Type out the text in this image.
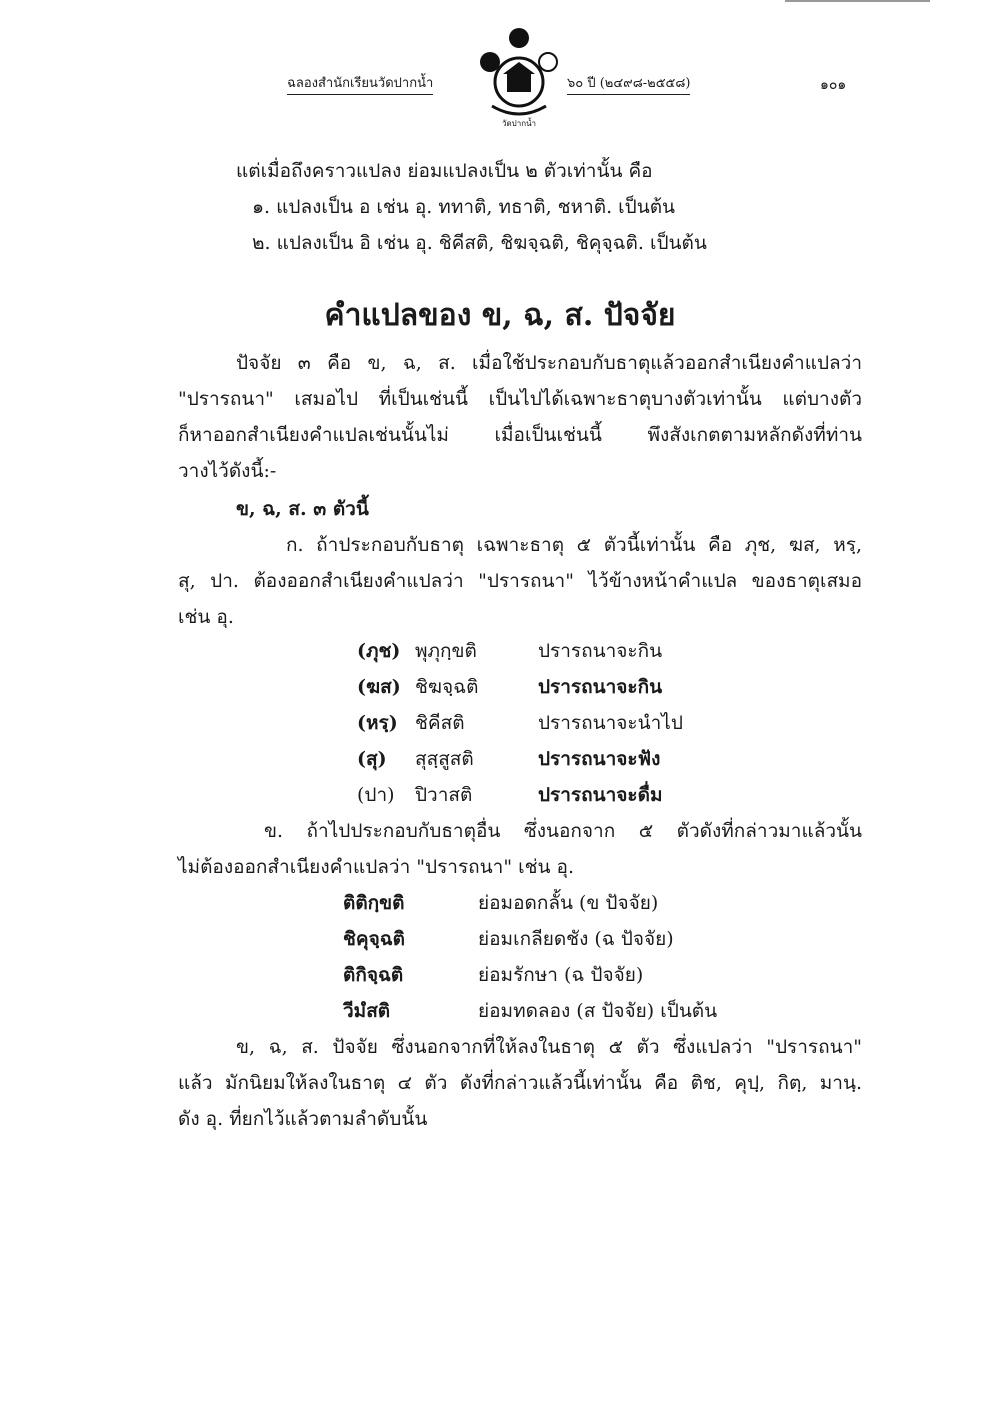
ฉลองสำนักเรียนวัดปากน้ำ
วัดปากน้ำ
๖๐ ปี (๒๔๙๘-๒๕๕๘)	๑๐๑
แต่เมื่อถึงคราวแปลง ย่อมแปลงเป็น ๒ ตัวเท่านั้น คือ
๑. แปลงเป็น อ เช่น อุ. ททาติ, ทธาติ, ชหาติ. เป็นต้น
๒. แปลงเป็น อิ เช่น อุ. ชิคีสติ, ชิฆจฺฉติ, ชิคุจฺฉติ. เป็นต้น
คำแปลของ ข, ฉ, ส. ปัจจัย
ปัจจัย ๓ คือ ข, ฉ, ส. เมื่อใช้ประกอบกับธาตุแล้วออกสำเนียงคำแปลว่า
"ปรารถนา" เสมอไป ที่เป็นเช่นนี้ เป็นไปได้เฉพาะธาตุบางตัวเท่านั้น แต่บางตัว
ก็หาออกสำเนียงคำแปลเช่นนั้นไม่ เมื่อเป็นเช่นนี้ พึงสังเกตตามหลักดังที่ท่าน
วางไว้ดังนี้:-
ข, ฉ, ส. ๓ ตัวนี้
ก. ถ้าประกอบกับธาตุ เฉพาะธาตุ ๕ ตัวนี้เท่านั้น คือ ภุช, ฆส, หรฺ,
สุ, ปา. ต้องออกสำเนียงคำแปลว่า "ปรารถนา" ไว้ข้างหน้าคำแปล ของธาตุเสมอ
เช่น อุ.
(ภุช) พุภุกฺขติ	ปรารถนาจะกิน
(ฆส) ชิฆจฺฉติ	ปรารถนาจะกิน
(หรฺ) ชิคีสติ	ปรารถนาจะนำไป
(สุ) สุสฺสูสติ	ปรารถนาจะฟัง
(ปา) ปิวาสติ	ปรารถนาจะดื่ม
ข. ถ้าไปประกอบกับธาตุอื่น ซึ่งนอกจาก ๕ ตัวดังที่กล่าวมาแล้วนั้น
ไม่ต้องออกสำเนียงคำแปลว่า "ปรารถนา" เช่น อุ.
ติติกฺขติ	ย่อมอดกลั้น (ข ปัจจัย)
ชิคุจฺฉติ	ย่อมเกลียดชัง (ฉ ปัจจัย)
ติกิจฺฉติ	ย่อมรักษา (ฉ ปัจจัย)
วีมํสติ	ย่อมทดลอง (ส ปัจจัย) เป็นต้น
ข, ฉ, ส. ปัจจัย ซึ่งนอกจากที่ให้ลงในธาตุ ๕ ตัว ซึ่งแปลว่า "ปรารถนา"
แล้ว มักนิยมให้ลงในธาตุ ๔ ตัว ดังที่กล่าวแล้วนี้เท่านั้น คือ ติช, คุปฺ, กิตฺ, มานฺ.
ดัง อุ. ที่ยกไว้แล้วตามลำดับนั้น
